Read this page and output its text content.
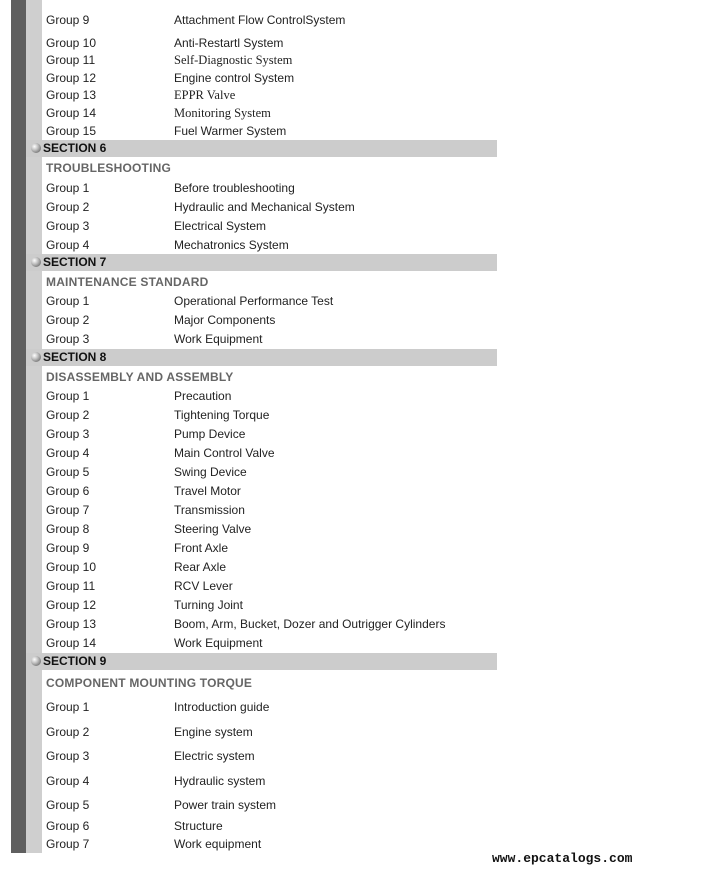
Group 9	Attachment Flow ControlSystem
Group 10	Anti-Restartl System
Group 11	Self-Diagnostic System
Group 12	Engine control System
Group 13	EPPR Valve
Group 14	Monitoring System
Group 15	Fuel Warmer System
SECTION 6
TROUBLESHOOTING
Group 1	Before troubleshooting
Group 2	Hydraulic and Mechanical System
Group 3	Electrical System
Group 4	Mechatronics System
SECTION 7
MAINTENANCE STANDARD
Group 1	Operational Performance Test
Group 2	Major Components
Group 3	Work Equipment
SECTION 8
DISASSEMBLY AND ASSEMBLY
Group 1	Precaution
Group 2	Tightening Torque
Group 3	Pump Device
Group 4	Main Control Valve
Group 5	Swing Device
Group 6	Travel Motor
Group 7	Transmission
Group 8	Steering Valve
Group 9	Front Axle
Group 10	Rear Axle
Group 11	RCV Lever
Group 12	Turning Joint
Group 13	Boom, Arm, Bucket, Dozer and Outrigger Cylinders
Group 14	Work Equipment
SECTION 9
COMPONENT MOUNTING TORQUE
Group 1	Introduction guide
Group 2	Engine system
Group 3	Electric system
Group 4	Hydraulic system
Group 5	Power train system
Group 6	Structure
Group 7	Work equipment
www.epcatalogs.com
